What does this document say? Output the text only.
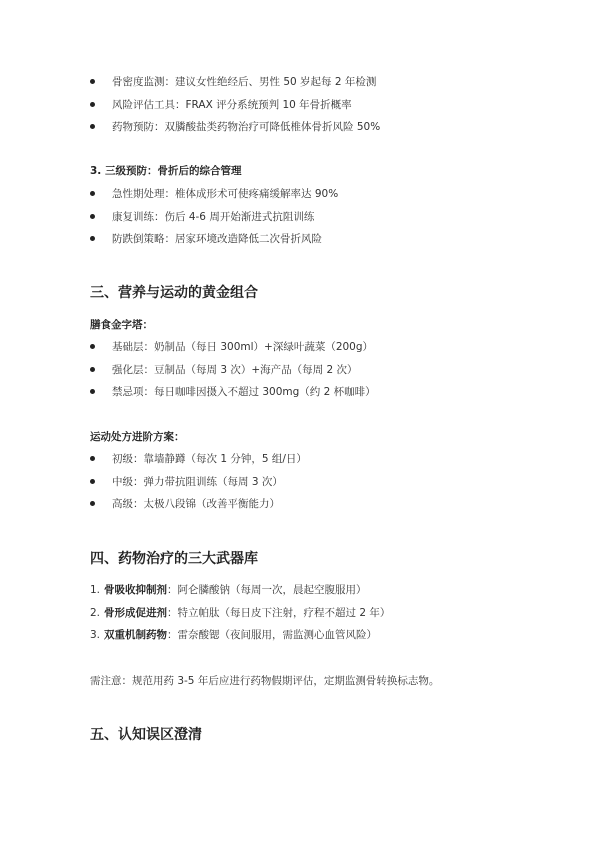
骨密度监测：建议女性绝经后、男性 50 岁起每 2 年检测
风险评估工具：FRAX 评分系统预判 10 年骨折概率
药物预防：双膦酸盐类药物治疗可降低椎体骨折风险 50%
3. 三级预防：骨折后的综合管理
急性期处理：椎体成形术可使疼痛缓解率达 90%
康复训练：伤后 4-6 周开始渐进式抗阻训练
防跌倒策略：居家环境改造降低二次骨折风险
三、营养与运动的黄金组合
膳食金字塔：
基础层：奶制品（每日 300ml）+深绿叶蔬菜（200g）
强化层：豆制品（每周 3 次）+海产品（每周 2 次）
禁忌项：每日咖啡因摄入不超过 300mg（约 2 杯咖啡）
运动处方进阶方案：
初级：靠墙静蹲（每次 1 分钟，5 组/日）
中级：弹力带抗阻训练（每周 3 次）
高级：太极八段锦（改善平衡能力）
四、药物治疗的三大武器库
1. 骨吸收抑制剂：阿仑膦酸钠（每周一次，晨起空腹服用）
2. 骨形成促进剂：特立帕肽（每日皮下注射，疗程不超过 2 年）
3. 双重机制药物：雷奈酸锶（夜间服用，需监测心血管风险）
需注意：规范用药 3-5 年后应进行药物假期评估，定期监测骨转换标志物。
五、认知误区澄清
